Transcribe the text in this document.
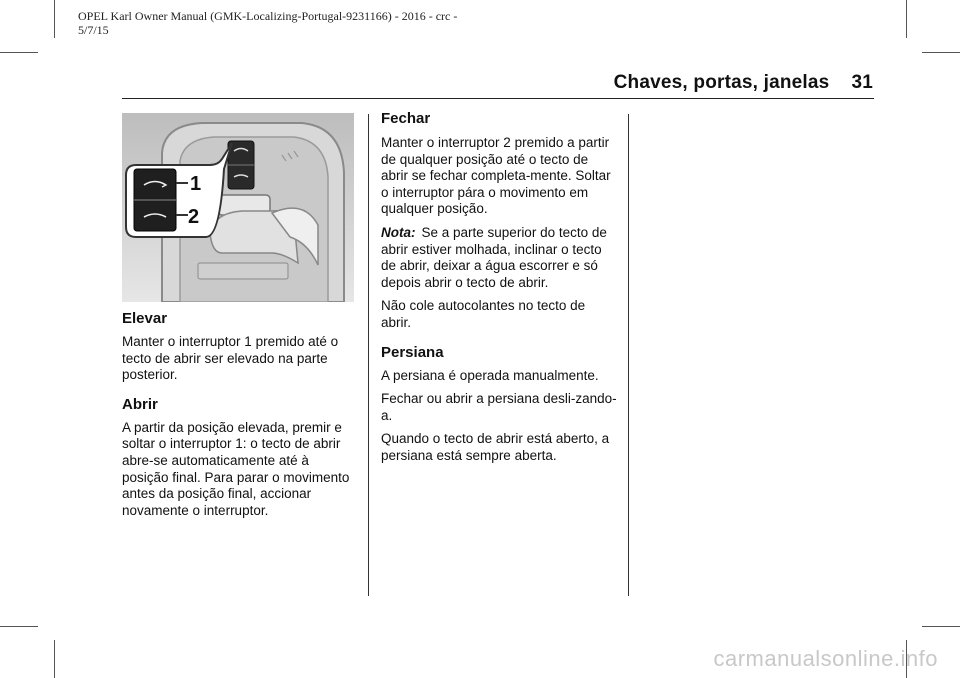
OPEL Karl Owner Manual (GMK-Localizing-Portugal-9231166) - 2016 - crc -
5/7/15
Chaves, portas, janelas 31
1
2
Elevar

Manter o interruptor 1 premido até o tecto de abrir ser elevado na parte posterior.

Abrir

A partir da posição elevada, premir e soltar o interruptor 1: o tecto de abrir abre-se automaticamente até à posição final. Para parar o movimento antes da posição final, accionar novamente o interruptor.

Fechar

Manter o interruptor 2 premido a partir de qualquer posição até o tecto de abrir se fechar completa-mente. Soltar o interruptor pára o movimento em qualquer posição.

Nota: Se a parte superior do tecto de abrir estiver molhada, inclinar o tecto de abrir, deixar a água escorrer e só depois abrir o tecto de abrir.

Não cole autocolantes no tecto de abrir.

Persiana

A persiana é operada manualmente.

Fechar ou abrir a persiana desli-zando-a.

Quando o tecto de abrir está aberto, a persiana está sempre aberta.

carmanualsonline.info
